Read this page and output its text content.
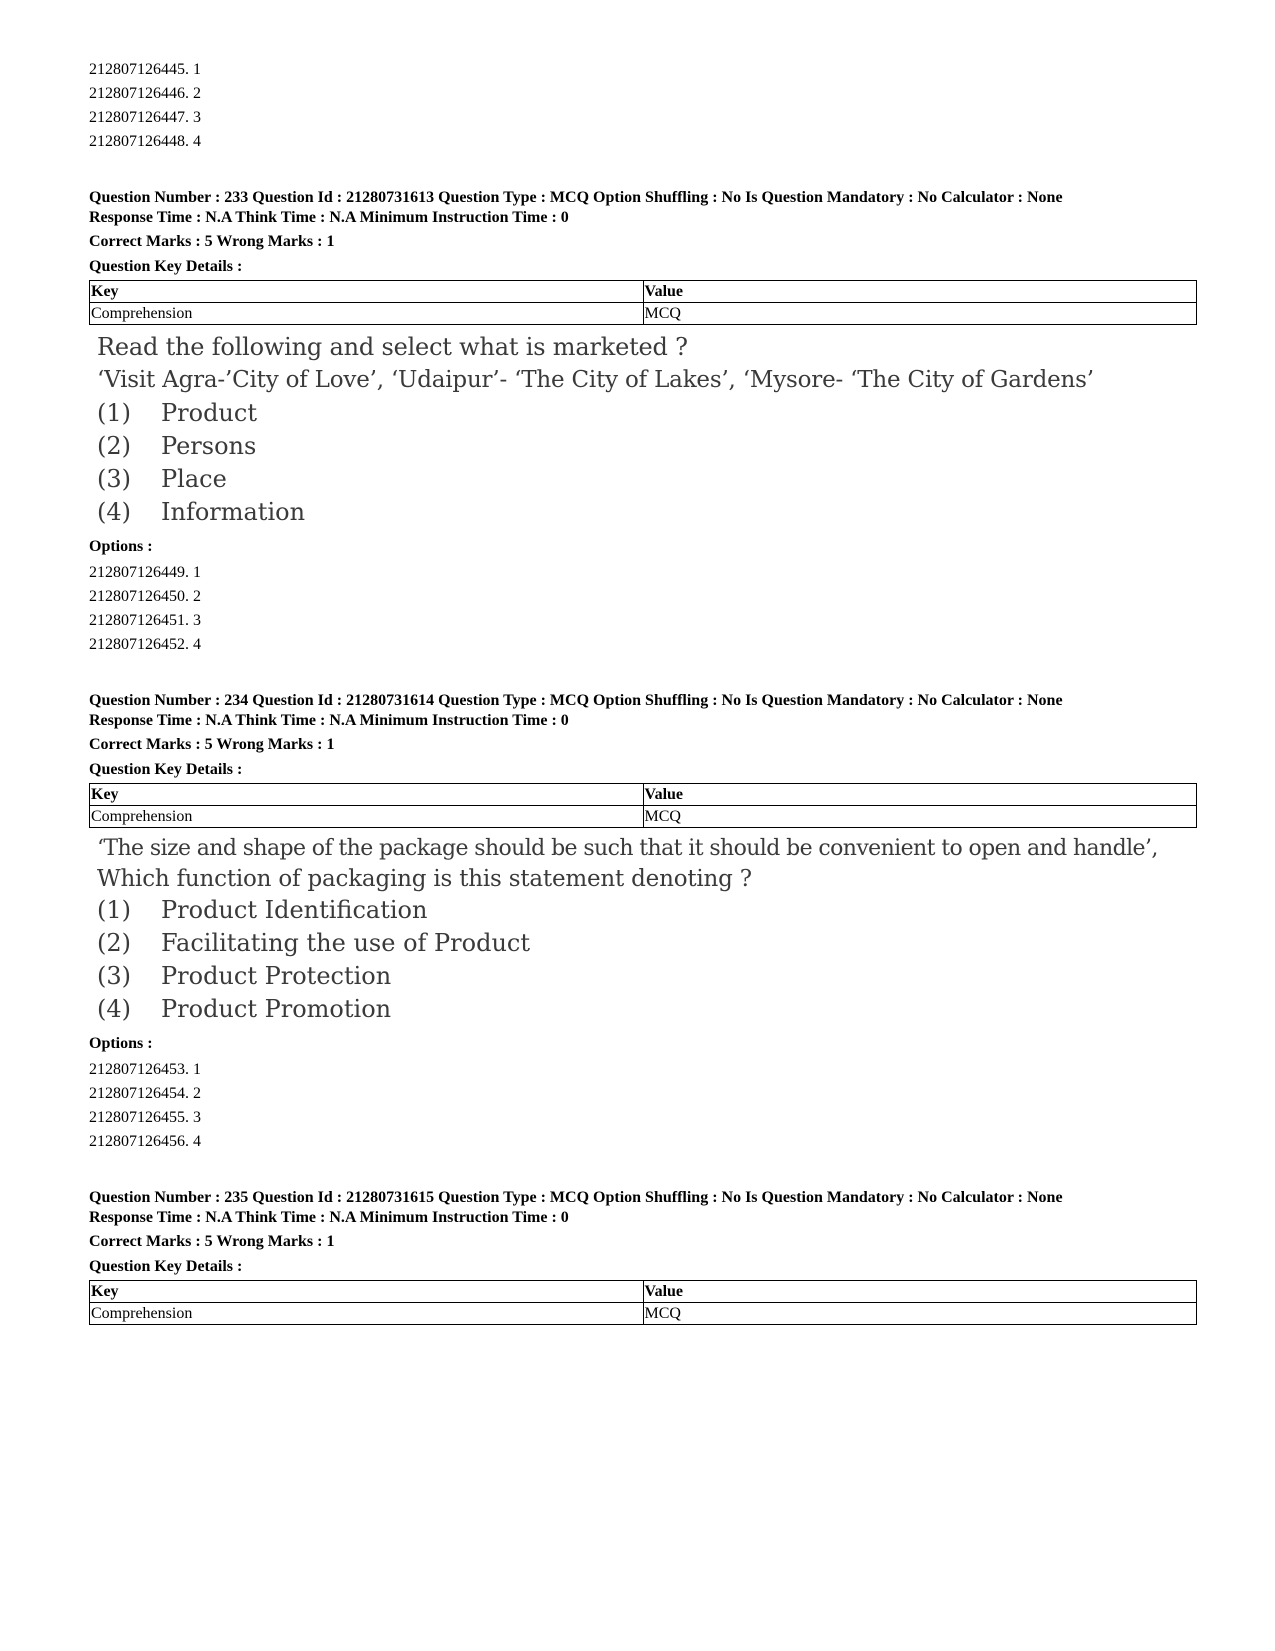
212807126445. 1
212807126446. 2
212807126447. 3
212807126448. 4
Question Number : 233 Question Id : 21280731613 Question Type : MCQ Option Shuffling : No Is Question Mandatory : No Calculator : None
Response Time : N.A Think Time : N.A Minimum Instruction Time : 0
Correct Marks : 5 Wrong Marks : 1
Question Key Details :
Key	Value
Comprehension	MCQ
Read the following and select what is marketed ?
‘Visit Agra-’City of Love’, ‘Udaipur’- ‘The City of Lakes’, ‘Mysore- ‘The City of Gardens’
(1)	Product
(2)	Persons
(3)	Place
(4)	Information
Options :
212807126449. 1
212807126450. 2
212807126451. 3
212807126452. 4
Question Number : 234 Question Id : 21280731614 Question Type : MCQ Option Shuffling : No Is Question Mandatory : No Calculator : None
Response Time : N.A Think Time : N.A Minimum Instruction Time : 0
Correct Marks : 5 Wrong Marks : 1
Question Key Details :
Key	Value
Comprehension	MCQ
‘The size and shape of the package should be such that it should be convenient to open and handle’,
Which function of packaging is this statement denoting ?
(1)	Product Identification
(2)	Facilitating the use of Product
(3)	Product Protection
(4)	Product Promotion
Options :
212807126453. 1
212807126454. 2
212807126455. 3
212807126456. 4
Question Number : 235 Question Id : 21280731615 Question Type : MCQ Option Shuffling : No Is Question Mandatory : No Calculator : None
Response Time : N.A Think Time : N.A Minimum Instruction Time : 0
Correct Marks : 5 Wrong Marks : 1
Question Key Details :
Key	Value
Comprehension	MCQ
